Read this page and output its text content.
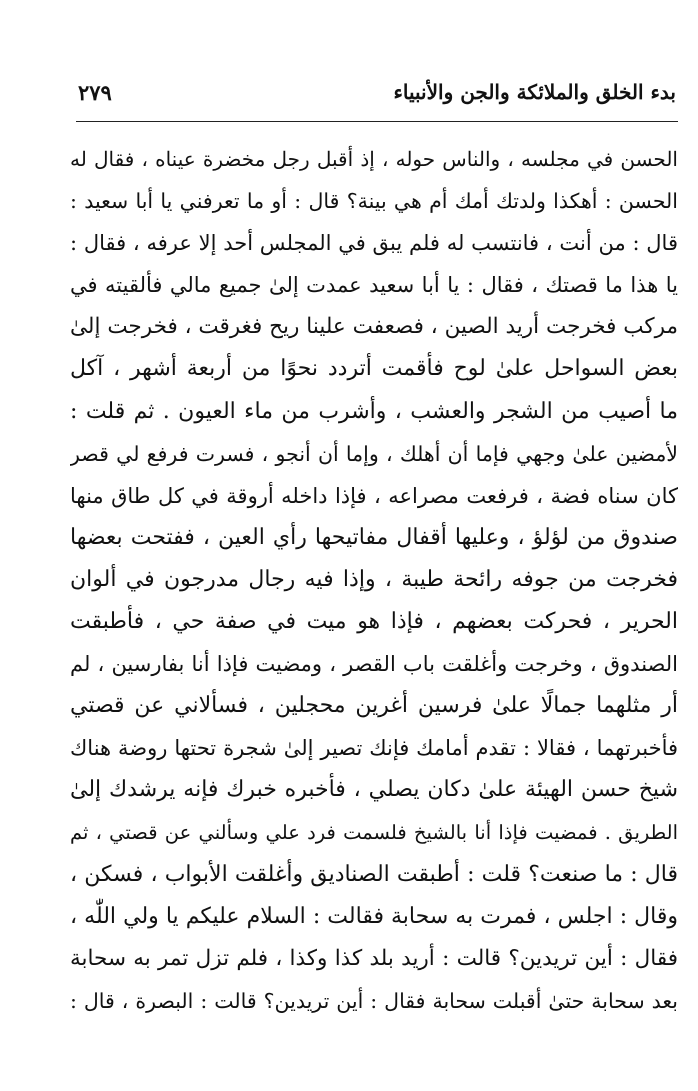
٢٧٩	بدء الخلق والملائكة والجن والأنبياء
الحسن في مجلسه ، والناس حوله ، إذ أقبل رجل مخضرة عيناه ، فقال له
الحسن : أهكذا ولدتك أمك أم هي بينة؟ قال : أو ما تعرفني يا أبا سعيد :
قال : من أنت ، فانتسب له فلم يبق في المجلس أحد إلا عرفه ، فقال :
يا هذا ما قصتك ، فقال : يا أبا سعيد عمدت إلىٰ جميع مالي فألقيته في
مركب فخرجت أريد الصين ، فصعفت علينا ريح فغرقت ، فخرجت إلىٰ
بعض السواحل علىٰ لوح فأقمت أتردد نحوًا من أربعة أشهر ، آكل
ما أصيب من الشجر والعشب ، وأشرب من ماء العيون . ثم قلت :
لأمضين علىٰ وجهي فإما أن أهلك ، وإما أن أنجو ، فسرت فرفع لي قصر
كان سناه فضة ، فرفعت مصراعه ، فإذا داخله أروقة في كل طاق منها
صندوق من لؤلؤ ، وعليها أقفال مفاتيحها رأي العين ، ففتحت بعضها
فخرجت من جوفه رائحة طيبة ، وإذا فيه رجال مدرجون في ألوان
الحرير ، فحركت بعضهم ، فإذا هو ميت في صفة حي ، فأطبقت
الصندوق ، وخرجت وأغلقت باب القصر ، ومضيت فإذا أنا بفارسين ، لم
أر مثلهما جمالًا علىٰ فرسين أغرين محجلين ، فسألاني عن قصتي
فأخبرتهما ، فقالا : تقدم أمامك فإنك تصير إلىٰ شجرة تحتها روضة هناك
شيخ حسن الهيئة علىٰ دكان يصلي ، فأخبره خبرك فإنه يرشدك إلىٰ
الطريق . فمضيت فإذا أنا بالشيخ فلسمت فرد علي وسألني عن قصتي ، ثم
قال : ما صنعت؟ قلت : أطبقت الصناديق وأغلقت الأبواب ، فسكن ،
وقال : اجلس ، فمرت به سحابة فقالت : السلام عليكم يا ولي اللّٰه ،
فقال : أين تريدين؟ قالت : أريد بلد كذا وكذا ، فلم تزل تمر به سحابة
بعد سحابة حتىٰ أقبلت سحابة فقال : أين تريدين؟ قالت : البصرة ، قال :
